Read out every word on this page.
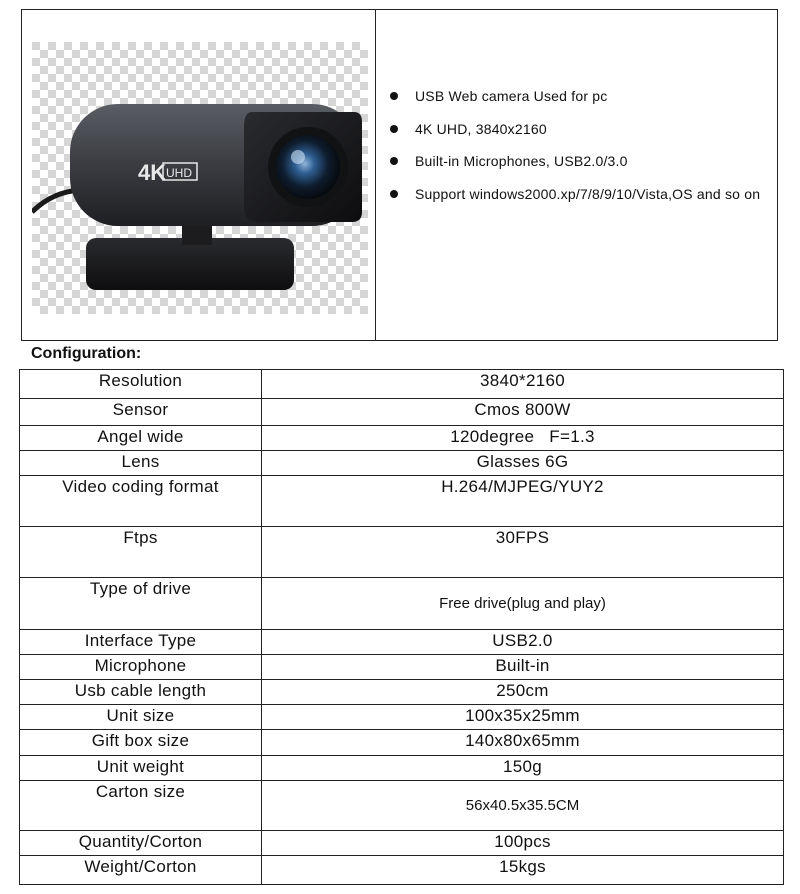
4K UHD
USB Web camera Used for pc
4K UHD, 3840x2160
Built-in Microphones, USB2.0/3.0
Support windows2000.xp/7/8/9/10/Vista,OS and so on
Configuration:
Resolution	3840*2160
Sensor	Cmos 800W
Angel wide	120degree   F=1.3
Lens	Glasses 6G
Video coding format	H.264/MJPEG/YUY2
Ftps	30FPS
Type of drive	Free drive(plug and play)
Interface Type	USB2.0
Microphone	Built-in
Usb cable length	250cm
Unit size	100x35x25mm
Gift box size	140x80x65mm
Unit weight	150g
Carton size	56x40.5x35.5CM
Quantity/Corton	100pcs
Weight/Corton	15kgs
